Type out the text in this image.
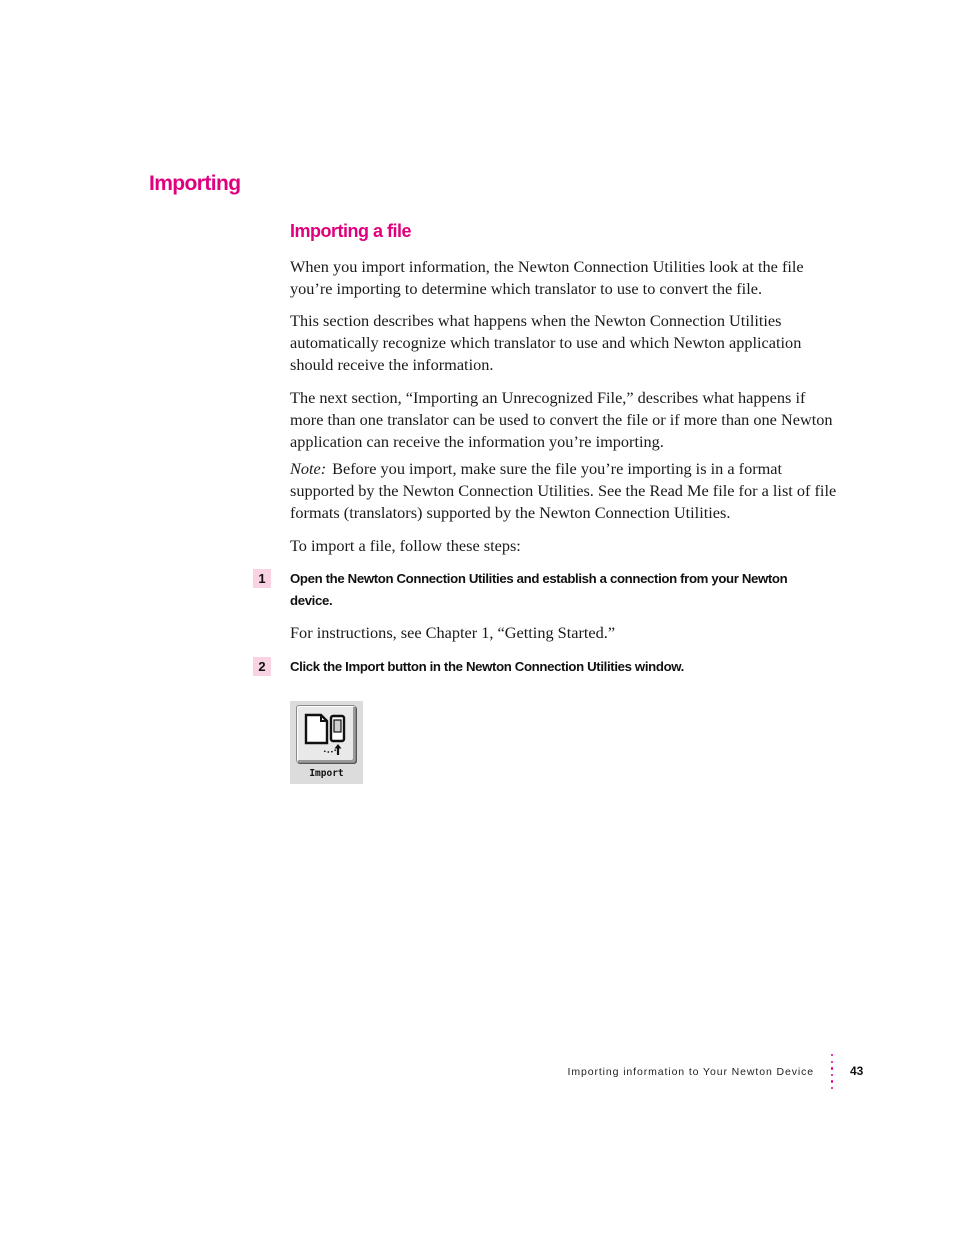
Importing
Importing a file

When you import information, the Newton Connection Utilities look at the file you’re importing to determine which translator to use to convert the file.

This section describes what happens when the Newton Connection Utilities automatically recognize which translator to use and which Newton application should receive the information.

The next section, “Importing an Unrecognized File,” describes what happens if more than one translator can be used to convert the file or if more than one Newton application can receive the information you’re importing.

Note: Before you import, make sure the file you’re importing is in a format supported by the Newton Connection Utilities. See the Read Me file for a list of file formats (translators) supported by the Newton Connection Utilities.

To import a file, follow these steps:

1	Open the Newton Connection Utilities and establish a connection from your Newton device.

For instructions, see Chapter 1, “Getting Started.”

2	Click the Import button in the Newton Connection Utilities window.

Import
Importing information to Your Newton Device	43
